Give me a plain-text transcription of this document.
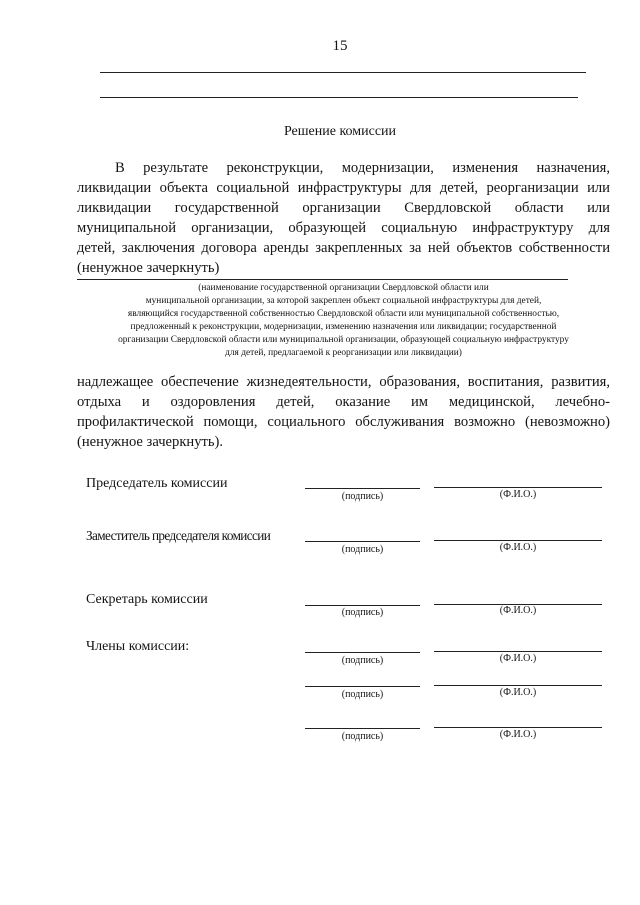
15
Решение комиссии
В результате реконструкции, модернизации, изменения назначения,
ликвидации объекта социальной инфраструктуры для детей, реорганизации или
ликвидации государственной организации Свердловской области или
муниципальной организации, образующей социальную инфраструктуру для
детей, заключения договора аренды закрепленных за ней объектов собственности
(ненужное зачеркнуть)
(наименование государственной организации Свердловской области или
муниципальной организации, за которой закреплен объект социальной инфраструктуры для детей,
являющийся государственной собственностью Свердловской области или муниципальной собственностью,
предложенный к реконструкции, модернизации, изменению назначения или ликвидации; государственной
организации Свердловской области или муниципальной организации, образующей социальную инфраструктуру
для детей, предлагаемой к реорганизации или ликвидации)
надлежащее обеспечение жизнедеятельности, образования, воспитания, развития,
отдыха и оздоровления детей, оказание им медицинской, лечебно-
профилактической помощи, социального обслуживания возможно (невозможно)
(ненужное зачеркнуть).
Председатель комиссии
(подпись)	(Ф.И.О.)
Заместитель председателя комиссии
(подпись)	(Ф.И.О.)
Секретарь комиссии
(подпись)	(Ф.И.О.)
Члены комиссии:
(подпись)	(Ф.И.О.)
(подпись)	(Ф.И.О.)
(подпись)	(Ф.И.О.)
